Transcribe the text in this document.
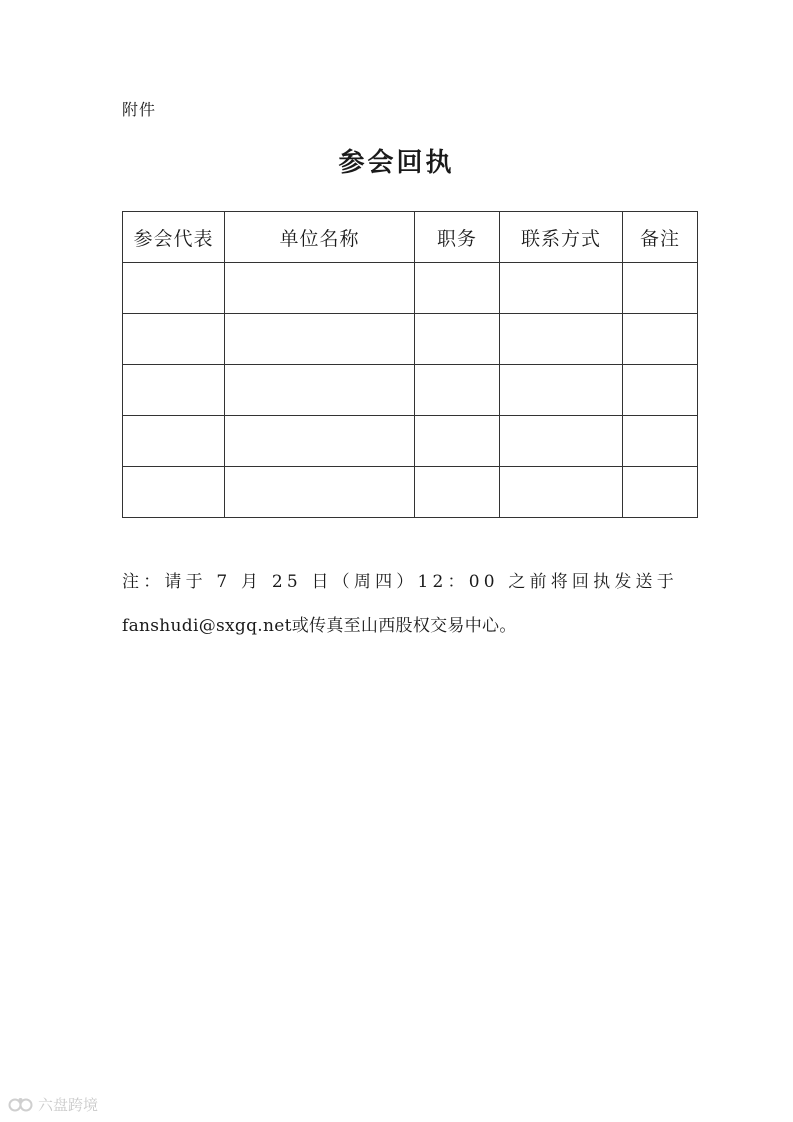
附件
参会回执
参会代表	单位名称	职务	联系方式	备注

注：请于 7 月 25 日（周四）12：00 之前将回执发送于
fanshudi@sxgq.net或传真至山西股权交易中心。
六盘跨境
